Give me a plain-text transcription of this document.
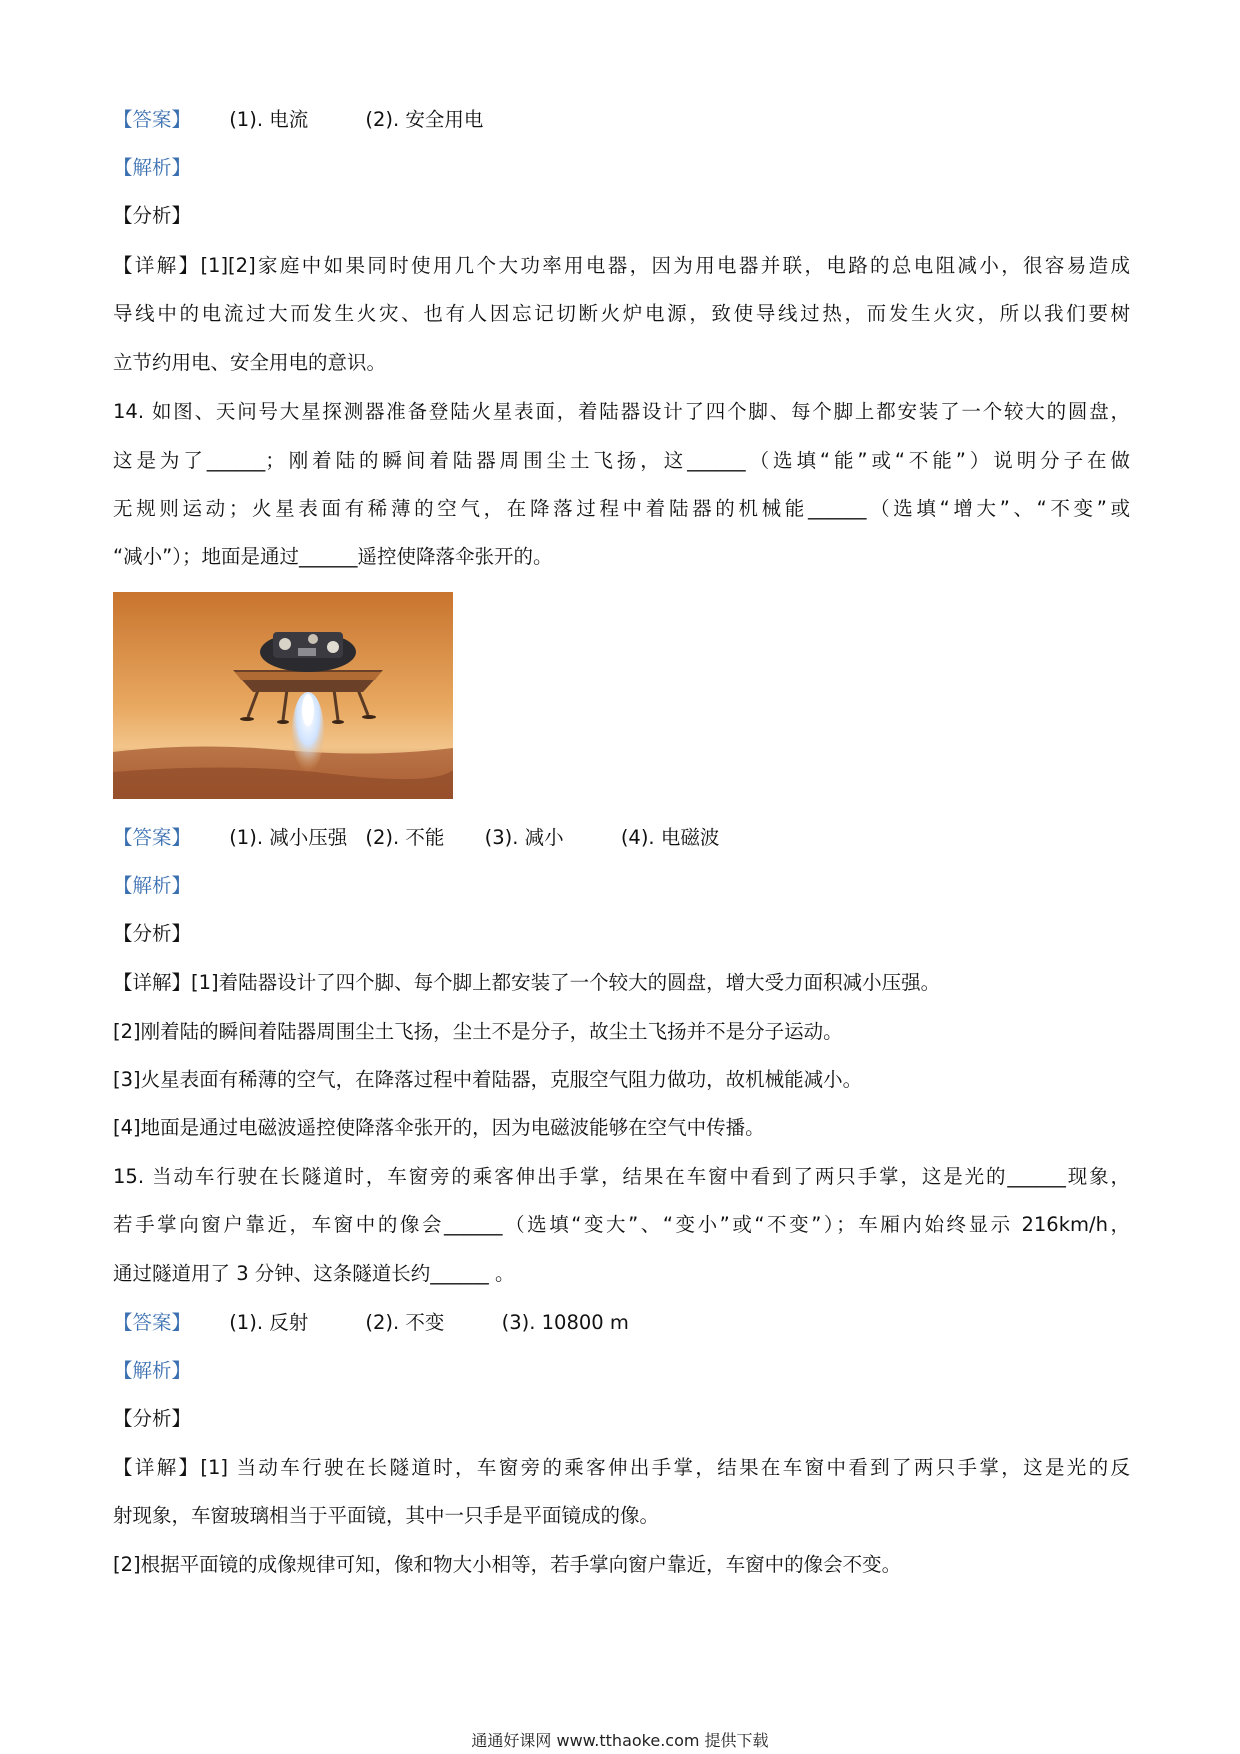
【答案】 (1). 电流	(2). 安全用电
【解析】
【分析】
【详解】[1][2]家庭中如果同时使用几个大功率用电器，因为用电器并联，电路的总电阻减小，很容易造成
导线中的电流过大而发生火灾、也有人因忘记切断火炉电源，致使导线过热，而发生火灾，所以我们要树
立节约用电、安全用电的意识。
14. 如图、天问号大星探测器准备登陆火星表面，着陆器设计了四个脚、每个脚上都安装了一个较大的圆盘，
这是为了______；刚着陆的瞬间着陆器周围尘土飞扬，这______（选填“能”或“不能”）说明分子在做
无规则运动；火星表面有稀薄的空气，在降落过程中着陆器的机械能______（选填“增大”、“不变”或
“减小”）；地面是通过______遥控使降落伞张开的。
【答案】 (1). 减小压强 (2). 不能 (3). 减小	(4). 电磁波
【解析】
【分析】
【详解】[1]着陆器设计了四个脚、每个脚上都安装了一个较大的圆盘，增大受力面积减小压强。
[2]刚着陆的瞬间着陆器周围尘土飞扬，尘土不是分子，故尘土飞扬并不是分子运动。
[3]火星表面有稀薄的空气，在降落过程中着陆器，克服空气阻力做功，故机械能减小。
[4]地面是通过电磁波遥控使降落伞张开的，因为电磁波能够在空气中传播。
15. 当动车行驶在长隧道时，车窗旁的乘客伸出手掌，结果在车窗中看到了两只手掌，这是光的______现象，
若手掌向窗户靠近，车窗中的像会______（选填“变大”、“变小”或“不变”）；车厢内始终显示 216km/h，
通过隧道用了 3 分钟、这条隧道长约______ 。
【答案】 (1). 反射	(2). 不变	(3). 10800 m
【解析】
【分析】
【详解】[1] 当动车行驶在长隧道时，车窗旁的乘客伸出手掌，结果在车窗中看到了两只手掌，这是光的反
射现象，车窗玻璃相当于平面镜，其中一只手是平面镜成的像。
[2]根据平面镜的成像规律可知，像和物大小相等，若手掌向窗户靠近，车窗中的像会不变。
通通好课网 www.tthaoke.com 提供下载
